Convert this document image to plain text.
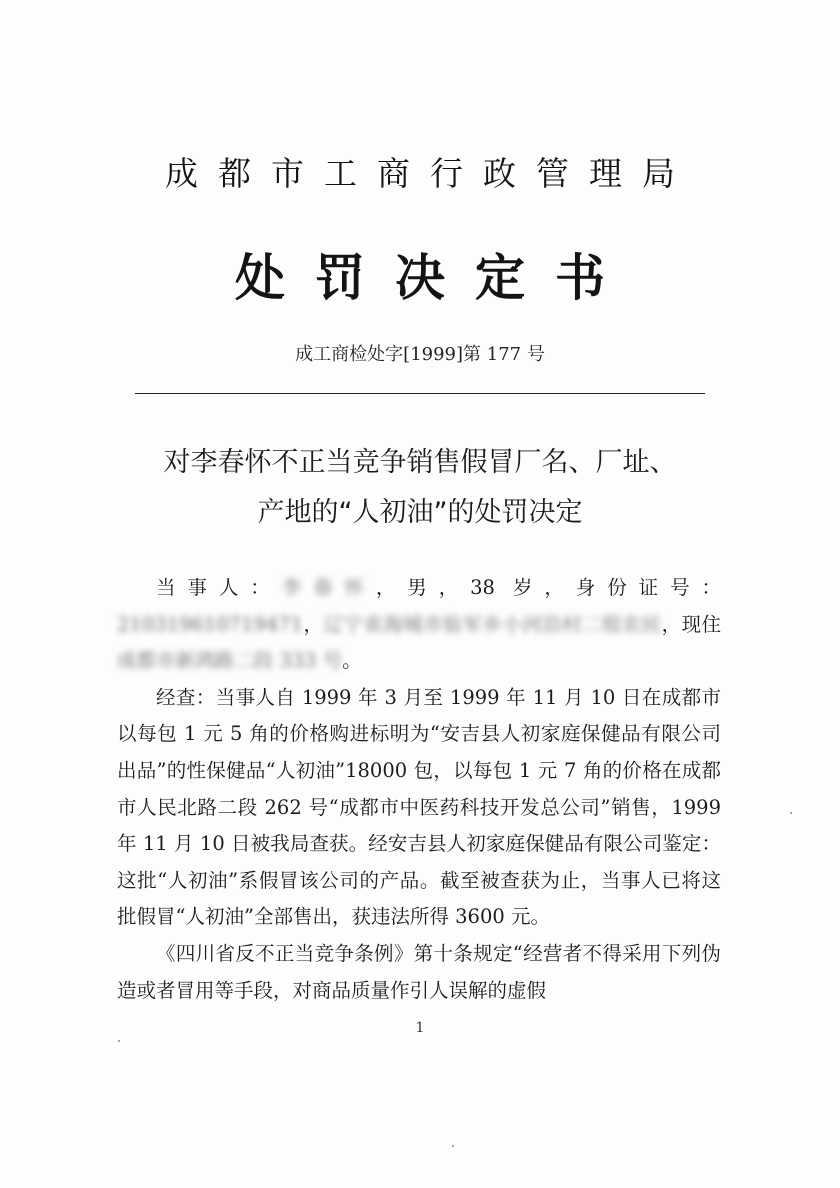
成都市工商行政管理局
处罚决定书
成工商检处字[1999]第 177 号
对李春怀不正当竞争销售假冒厂名、厂址、
产地的“人初油”的处罚决定

当事人：李春怀，男，38 岁，身份证号：210319610719471，辽宁省海城市验军乡小河沿村二组农民，现住成都市新鸿路二段 333 号。

经查：当事人自 1999 年 3 月至 1999 年 11 月 10 日在成都市以每包 1 元 5 角的价格购进标明为“安吉县人初家庭保健品有限公司出品”的性保健品“人初油”18000 包，以每包 1 元 7 角的价格在成都市人民北路二段 262 号“成都市中医药科技开发总公司”销售，1999 年 11 月 10 日被我局查获。经安吉县人初家庭保健品有限公司鉴定：这批“人初油”系假冒该公司的产品。截至被查获为止，当事人已将这批假冒“人初油”全部售出，获违法所得 3600 元。

《四川省反不正当竞争条例》第十条规定“经营者不得采用下列伪造或者冒用等手段，对商品质量作引人误解的虚假

1
